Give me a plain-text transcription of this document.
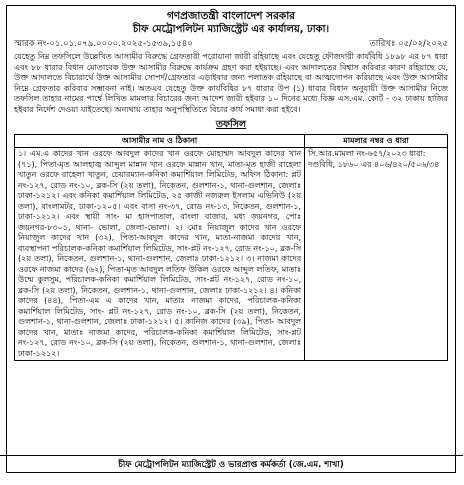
গণপ্রজাতন্ত্রী বাংলাদেশ সরকার
চীফ মেট্রোপলিটন ম্যাজিস্ট্রেট এর কার্যালয়, ঢাকা।
স্মারক নং-০১.০১.০৭৯.০০০০.২০২৫-১৫৩৯,১৫৪০	তারিখঃ ০৫/০২/২০২৫
যেহেতু নিম্ন তফসিলে উল্লেখিত আসামীর বিরুদ্ধে গ্রেফতারী পরোয়ানা জারী রহিয়াছে এবং যেহেতু ফৌজদারী কার্যবিধি ১৮৯৮ এর ৮৭ ধারা এবং ৮৮ ধারার বিধান মোতাবেক উক্ত আসামীর বিরুদ্ধে কার্যক্রম গ্রহণ করা হইয়াছে। এবং আদালতের বিশ্বাস করিবার কারণ রহিয়াছে যে, উক্ত আদালতে বিচারার্থে উক্ত আসামীর সোপর্দ/গ্রেফতার এড়াইবার জন্য পলাতক রহিয়াছে বা আত্মগোপন করিয়াছে এবং উক্ত আসামীর নিম্নে গ্রেফতার করিবার সম্ভাবনা নাই। অতএব যেহেতু উক্ত কার্যবিধির ৮৭ ধারার উপ (১) ধারার বিধান অনুযায়ী উক্ত আসামীর নিজে তফসিল তাহার নামের পার্শ্বে লিখিত মামলার বিচারের জন্য আদেশ জারী হইবার ১০ দিনের মধ্যে বিজ্ঞ এস.এম. কোর্ট - ৩২ ঢাকায় হাজির হইবার নির্দেশ দেওয়া যাইতেছে। অন্যথায় তাহার অনুপস্থিতিতে বিচার কার্য সমাধা করা হইবে।
তফসিল
আসামীর নাম ও ঠিকানা	মামলার নম্বর ও ধারা
১। এম.এ কাদের খান ওরফে আবদুল কাদের খান ওরফে মোহাম্মদ আবদুল কাদের খান (৭১), পিতা-মৃত আলহাজ্ব আব্দুল মান্নান খান ওরফে মান্নান খান, মাতা-মৃত হাজী রাহেলা খাতুন ওরফে রাহেলা খাতুন, চেয়ারম্যান-কনিকা কমার্শিয়াল লিমিটেড, অফিস ঠিকানা: প্লট নং-১২৭, রোড নং-১০, ব্লক-সি (২য় তলা), নিকেতন, গুলশান-১, থানা-গুলশান, জেলাঃ ঢাকা-১২১২। এবং কনিকা কমার্শিয়াল লিমিটেড, ২৫ কাজী নজরুল ইসলাম এভিনিউ (২য় তলা), বাংলামটর, ঢাকা-১২০৫। এবং বাসা নং-৩৭, রোড নং-১৩, নিকেতন, গুলশান-১, ঢাকা-১২১২। এবং স্থায়ী সাং- মা হাসপাতাল, বাংলা বাজার, মধ্য জয়নগর, পোঃ জয়নগর-৮৩০১, থানা- ভোলা, জেলা-ভোলা। ২। মোঃ নিয়াজুল কাদের খান ওরফে নিয়াজুল কাদের খান (৩২), পিতা-আবদুল কাদের খান, মাতা-নাজমা কাদের খান, ব্যবস্থাপনা পরিচালক-কনিকা কমার্শিয়াল লিমিটেড, সাং-প্লট নং-১২৭, রোড নং-১০, ব্লক-সি (২য় তলা), নিকেতন, গুলশান-১, থানা-গুলশান, জেলাঃ ঢাকা-১২১২। ৩। নাজমা কাদের ওরফে নাজমা কাদের (৬২), পিতা-মৃত আবদুল লতিফ উকিল ওরফে আব্দুল লতিফ, মাতাঃ উম্মে কুলসুম, পরিচালক-কনিকা কমার্শিয়াল লিমিটেড, সাং-প্লট নং-১২৭, রোড নং-১০, ব্লক-সি (২য় তলা), নিকেতন, গুলশান-১, থানা-গুলশান, জেলাঃ ঢাকা-১২১২। ৪। কনিকা কাদের (৪৪), পিতা-এম এ কাদের খান, মাতাঃ নাজমা কাদের, পরিচালক-কনিকা কমার্শিয়াল লিমিটেড, সাং- প্লট নং-১২৭, রোড নং-১০, ব্লক-সি (২য় তলা), নিকেতন, গুলশান-১, থানা-গুলশান, জেলাঃ ঢাকা-১২১২। ৫। কানিজ কাদের (৩৯), পিতা- আবদুল কাদের খান, মাতাঃ নাজমা কাদের, পরিচালক-কনিকা কমার্শিয়াল লিমিটেড, সাং-প্লট নং-১২৭, রোড নং-১০, ব্লক-সি (২য় তলা), নিকেতন, গুলশান-১, থানা-গুলশান, জেলাঃ ঢাকা-১২১২।	সি.আর.মামলা নং-৬৫৭/২০২৩ ধারা: দণ্ডবিধি, ১৮৬০ এর ৪০৬/৪২০/৫০৬/৩৪
চীফ মেট্রোপলিটন ম্যাজিস্ট্রেট ও ভারপ্রাপ্ত কর্মকর্তা (জে.এম. শাখা)
